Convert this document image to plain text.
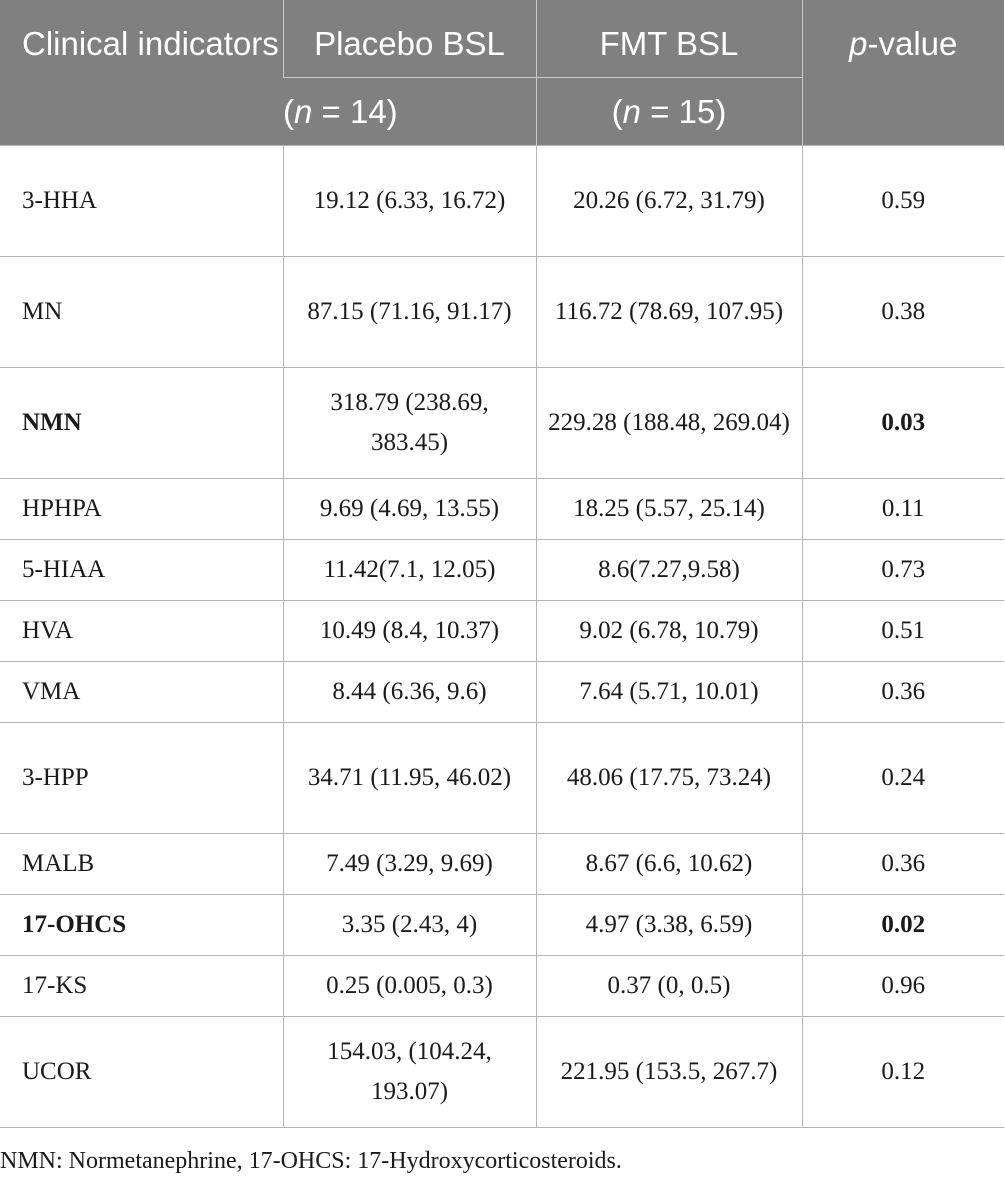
Clinical indicators	Placebo BSL	FMT BSL	p-value
	(n = 14)	(n = 15)	
3-HHA	19.12 (6.33, 16.72)	20.26 (6.72, 31.79)	0.59
MN	87.15 (71.16, 91.17)	116.72 (78.69, 107.95)	0.38
NMN	318.79 (238.69, 383.45)	229.28 (188.48, 269.04)	0.03
HPHPA	9.69 (4.69, 13.55)	18.25 (5.57, 25.14)	0.11
5-HIAA	11.42(7.1, 12.05)	8.6(7.27,9.58)	0.73
HVA	10.49 (8.4, 10.37)	9.02 (6.78, 10.79)	0.51
VMA	8.44 (6.36, 9.6)	7.64 (5.71, 10.01)	0.36
3-HPP	34.71 (11.95, 46.02)	48.06 (17.75, 73.24)	0.24
MALB	7.49 (3.29, 9.69)	8.67 (6.6, 10.62)	0.36
17-OHCS	3.35 (2.43, 4)	4.97 (3.38, 6.59)	0.02
17-KS	0.25 (0.005, 0.3)	0.37 (0, 0.5)	0.96
UCOR	154.03, (104.24, 193.07)	221.95 (153.5, 267.7)	0.12
NMN: Normetanephrine, 17-OHCS: 17-Hydroxycorticosteroids.
